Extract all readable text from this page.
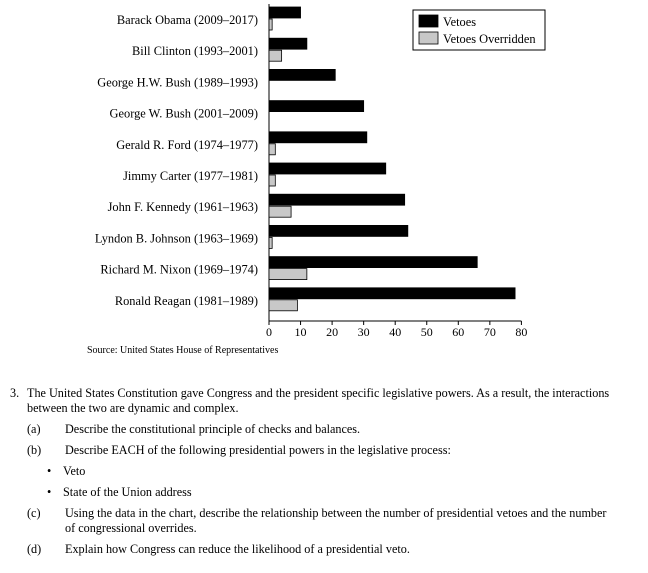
0 10 20 30 40 50 60 70 80
Barack Obama (2009–2017)
Bill Clinton (1993–2001)
George H.W. Bush (1989–1993)
George W. Bush (2001–2009)
Gerald R. Ford (1974–1977)
Jimmy Carter (1977–1981)
John F. Kennedy (1961–1963)
Lyndon B. Johnson (1963–1969)
Richard M. Nixon (1969–1974)
Ronald Reagan (1981–1989)
Vetoes
Vetoes Overridden
Source: United States House of Representatives
3. The United States Constitution gave Congress and the president specific legislative powers. As a result, the interactions between the two are dynamic and complex.
(a) Describe the constitutional principle of checks and balances.
(b) Describe EACH of the following presidential powers in the legislative process:
• Veto
• State of the Union address
(c) Using the data in the chart, describe the relationship between the number of presidential vetoes and the number of congressional overrides.
(d) Explain how Congress can reduce the likelihood of a presidential veto.
